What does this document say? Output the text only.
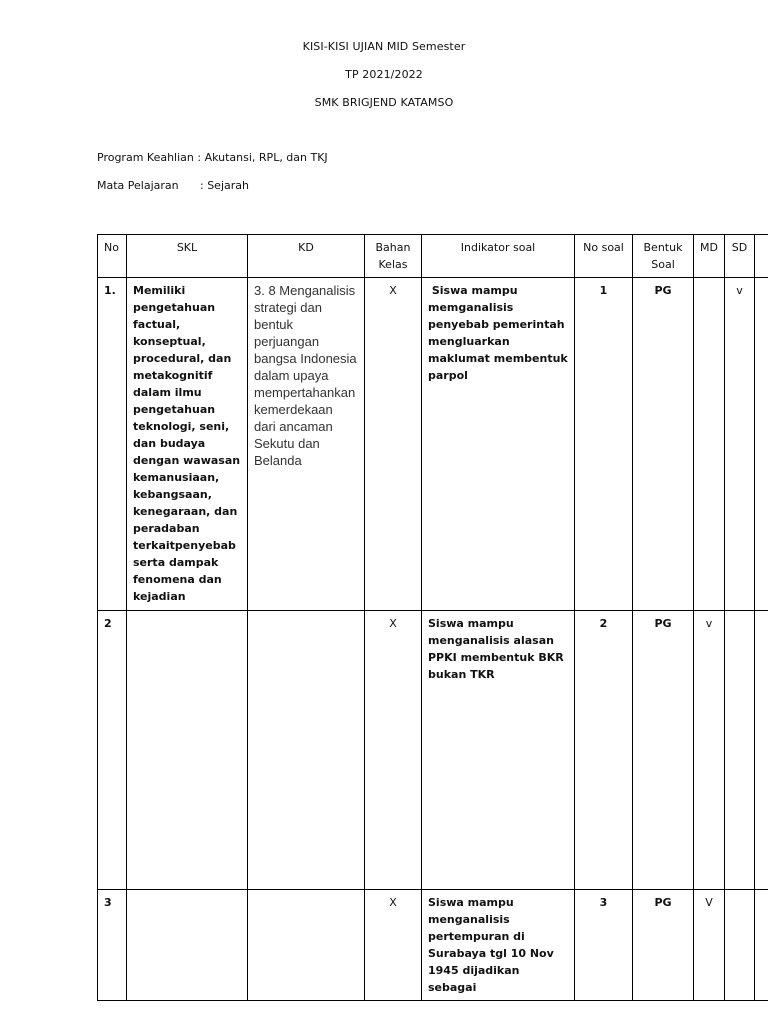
KISI-KISI UJIAN MID Semester
TP 2021/2022
SMK BRIGJEND KATAMSO
Program Keahlian : Akutansi, RPL, dan TKJ
Mata Pelajaran : Sejarah
No	SKL	KD	Bahan Kelas	Indikator soal	No soal	Bentuk Soal	MD	SD	
1.	Memiliki pengetahuan factual, konseptual, procedural, dan metakognitif dalam ilmu pengetahuan teknologi, seni, dan budaya dengan wawasan kemanusiaan, kebangsaan, kenegaraan, dan peradaban terkaitpenyebab serta dampak fenomena dan kejadian	3. 8 Menganalisis strategi dan bentuk perjuangan bangsa Indonesia dalam upaya mempertahankan kemerdekaan dari ancaman Sekutu dan Belanda	X	Siswa mampu memganalisis penyebab pemerintah mengluarkan maklumat membentuk parpol	1	PG		v	
2			X	Siswa mampu menganalisis alasan PPKI membentuk BKR bukan TKR	2	PG	v		
3			X	Siswa mampu menganalisis pertempuran di Surabaya tgl 10 Nov 1945 dijadikan sebagai	3	PG	V		
